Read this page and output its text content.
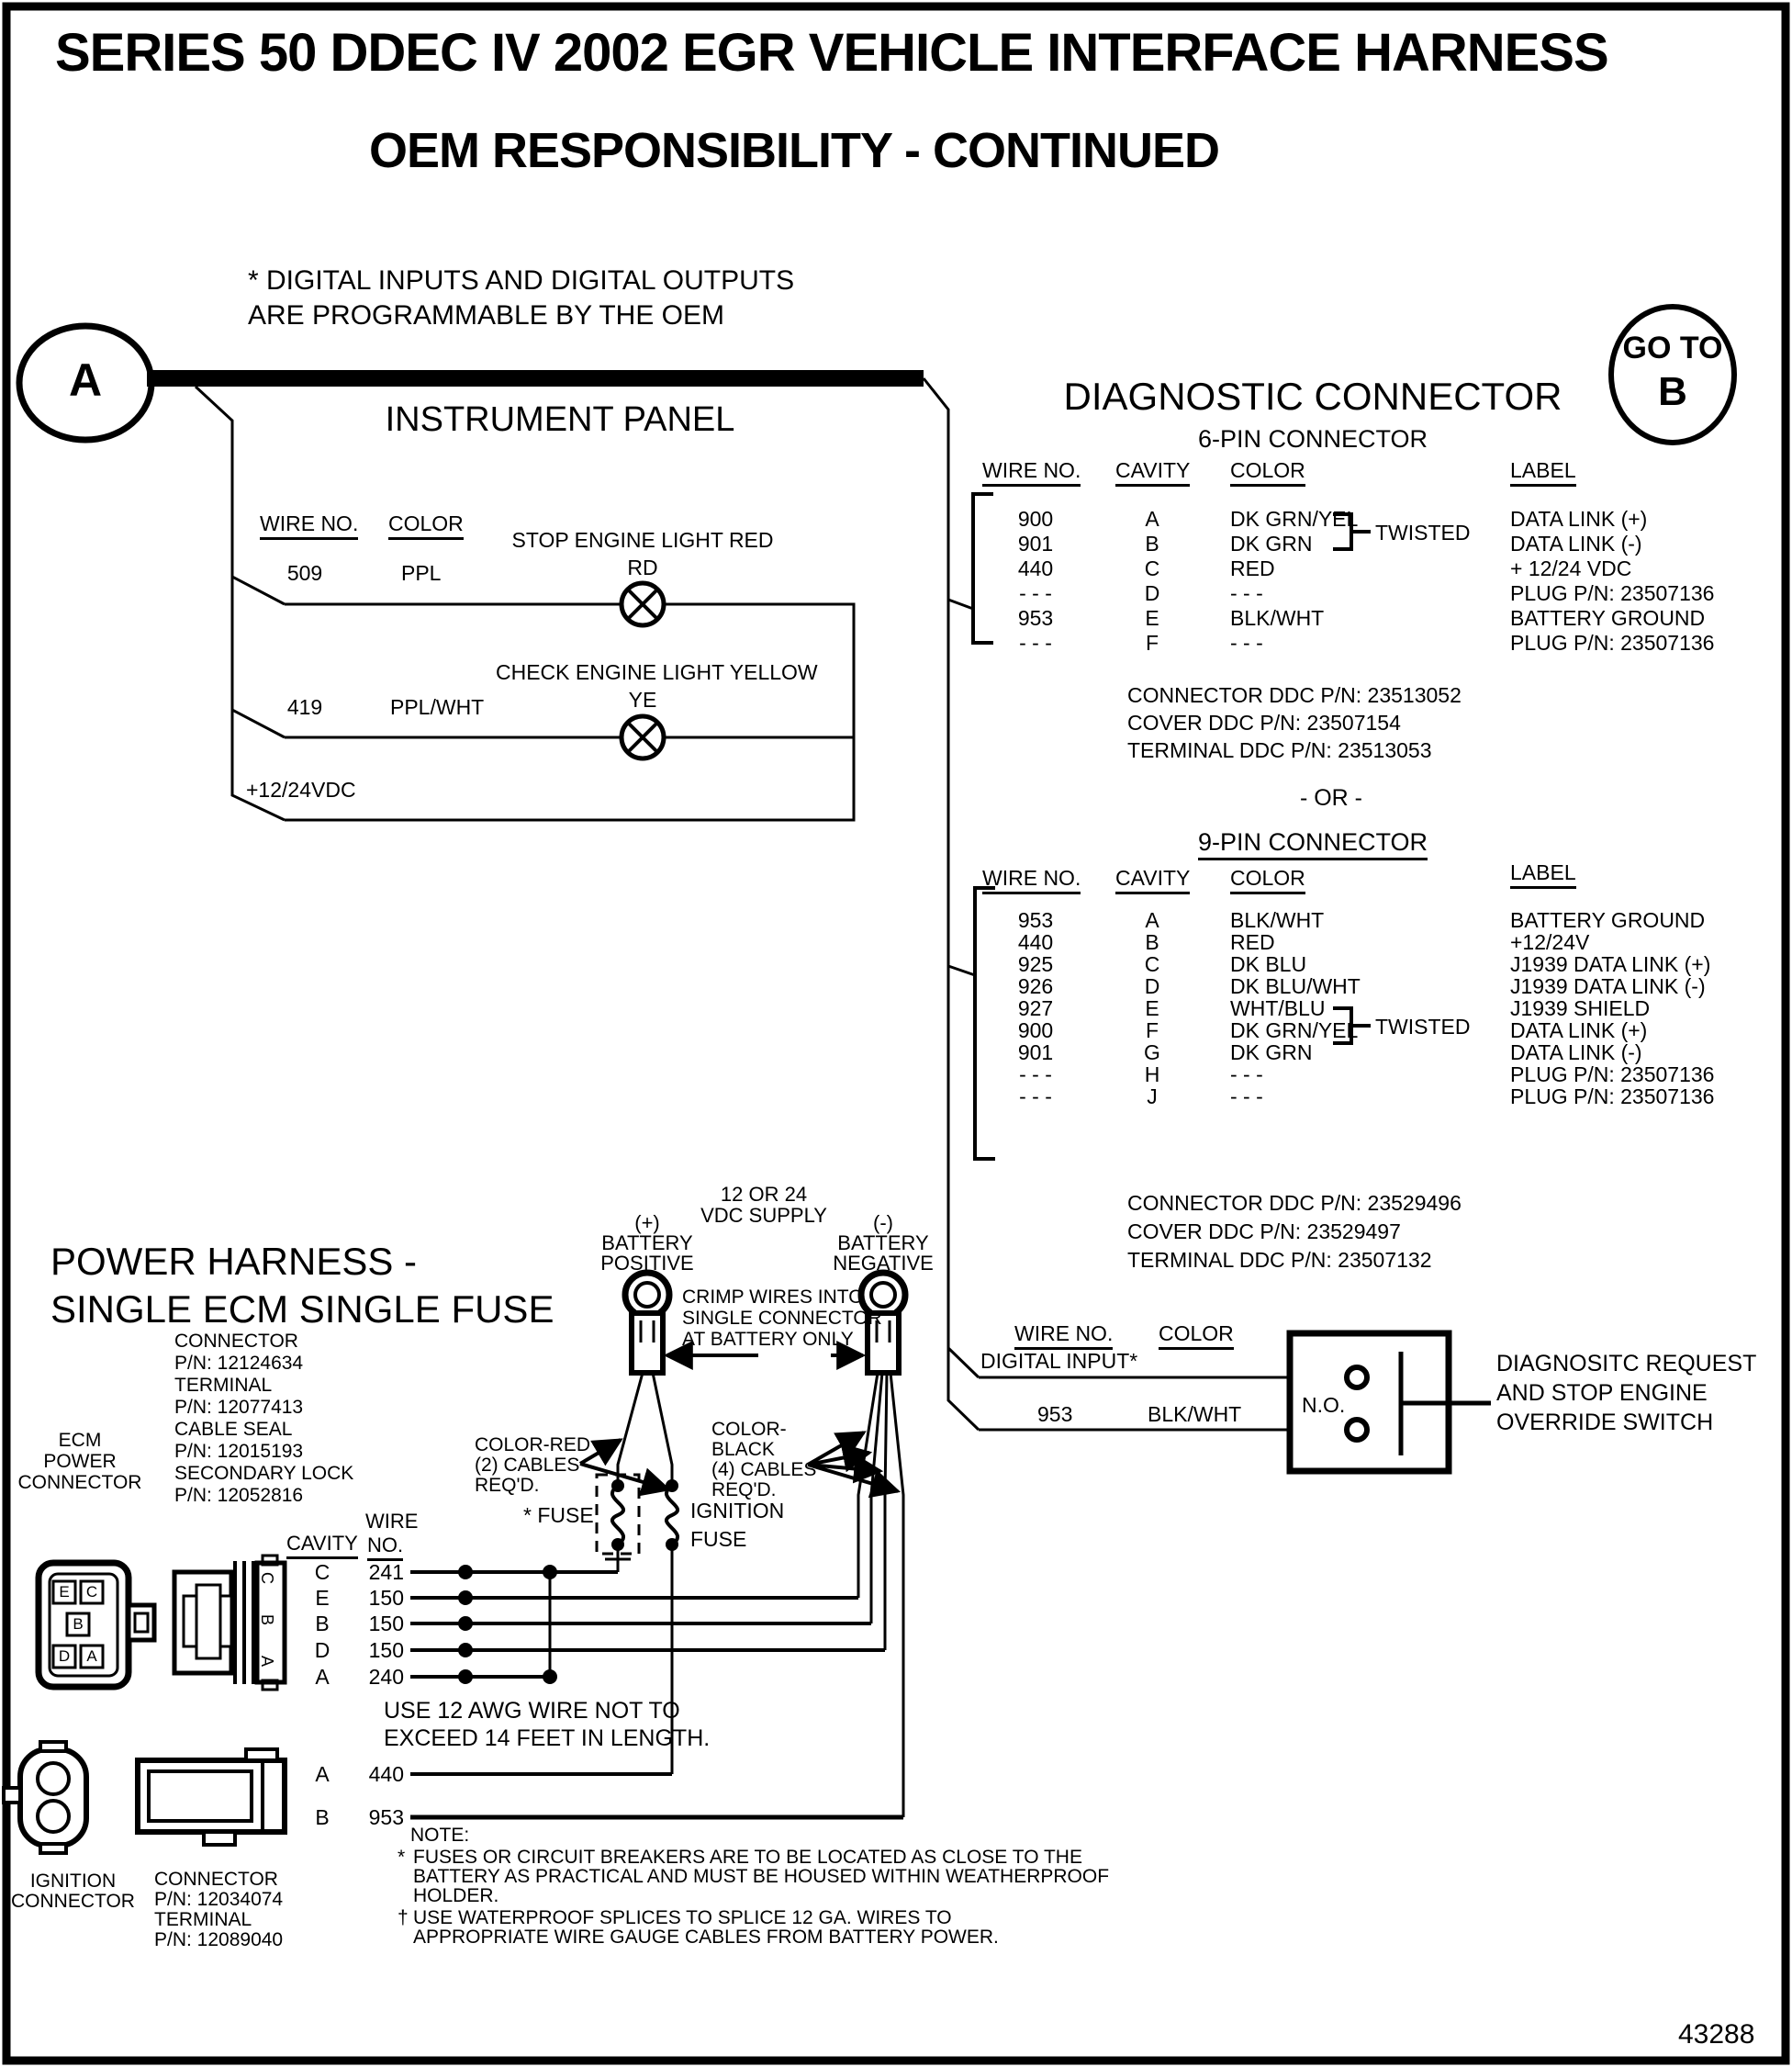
SERIES 50 DDEC IV 2002 EGR VEHICLE INTERFACE HARNESS
OEM RESPONSIBILITY - CONTINUED
* DIGITAL INPUTS AND DIGITAL OUTPUTS
ARE PROGRAMMABLE BY THE OEM
A
GO TO
B
INSTRUMENT PANEL
WIRE NO. COLOR
509	PPL
STOP ENGINE LIGHT RED
RD
419	PPL/WHT
CHECK ENGINE LIGHT YELLOW
YE
+12/24VDC
DIAGNOSTIC CONNECTOR
6-PIN CONNECTOR
WIRE NO. CAVITY COLOR	LABEL
900	A	DK GRN/YEL	DATA LINK (+)
901	B	DK GRN	DATA LINK (-)
440	C	RED	+ 12/24 VDC
- - -	D	- - -	PLUG P/N: 23507136
953	E	BLK/WHT	BATTERY GROUND
- - -	F	- - -	PLUG P/N: 23507136
TWISTED
CONNECTOR DDC P/N: 23513052
COVER DDC P/N: 23507154
TERMINAL DDC P/N: 23513053
- OR -
9-PIN CONNECTOR
WIRE NO. CAVITY COLOR	LABEL
953	A	BLK/WHT	BATTERY GROUND
440	B	RED	+12/24V
925	C	DK BLU	J1939 DATA LINK (+)
926	D	DK BLU/WHT	J1939 DATA LINK (-)
927	E	WHT/BLU	J1939 SHIELD
900	F	DK GRN/YEL	DATA LINK (+)
901	G	DK GRN	DATA LINK (-)
- - -	H	- - -	PLUG P/N: 23507136
- - -	J	- - -	PLUG P/N: 23507136
TWISTED
CONNECTOR DDC P/N: 23529496
COVER DDC P/N: 23529497
TERMINAL DDC P/N: 23507132
WIRE NO. COLOR
DIGITAL INPUT*
953	BLK/WHT	N.O.
DIAGNOSITC REQUEST
AND STOP ENGINE
OVERRIDE SWITCH
POWER HARNESS -
SINGLE ECM SINGLE FUSE
12 OR 24
VDC SUPPLY
(+)
BATTERY
POSITIVE
(-)
BATTERY
NEGATIVE
CRIMP WIRES INTO
SINGLE CONNECTOR
AT BATTERY ONLY
COLOR-RED
(2) CABLES
REQ'D.
COLOR-
BLACK
(4) CABLES
REQ'D.
* FUSE	IGNITION
FUSE
ECM
POWER
CONNECTOR
CONNECTOR
P/N: 12124634
TERMINAL
P/N: 12077413
CABLE SEAL
P/N: 12015193
SECONDARY LOCK
P/N: 12052816
CAVITY
WIRE
NO.
C	241
E	150
B	150
D	150
A	240
USE 12 AWG WIRE NOT TO
EXCEED 14 FEET IN LENGTH.
A	440
B	953
E	C
B
D	A
C
B
A
IGNITION
CONNECTOR
CONNECTOR
P/N: 12034074
TERMINAL
P/N: 12089040
NOTE:
* FUSES OR CIRCUIT BREAKERS ARE TO BE LOCATED AS CLOSE TO THE
BATTERY AS PRACTICAL AND MUST BE HOUSED WITHIN WEATHERPROOF
HOLDER.
† USE WATERPROOF SPLICES TO SPLICE 12 GA. WIRES TO
APPROPRIATE WIRE GAUGE CABLES FROM BATTERY POWER.
43288
